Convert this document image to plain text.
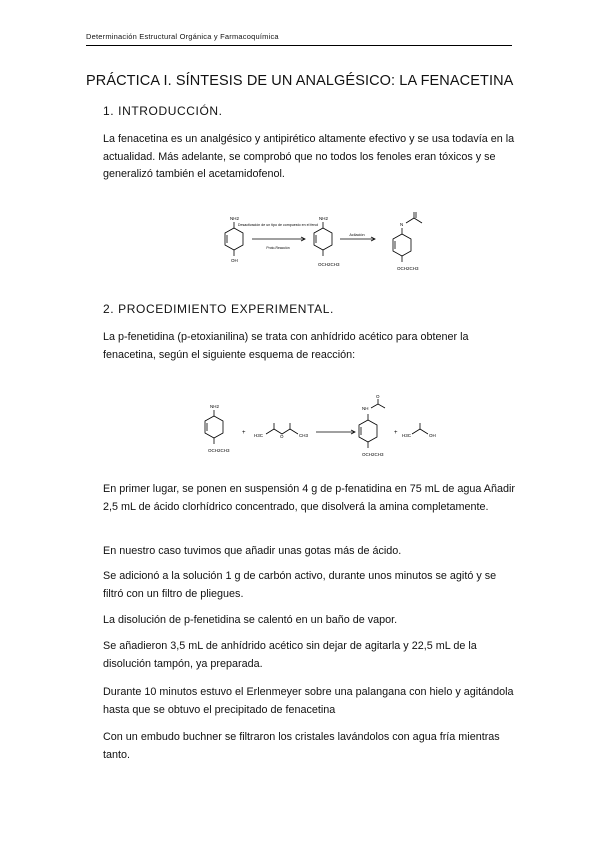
Determinación Estructural Orgánica y Farmacoquímica
PRÁCTICA I. SÍNTESIS DE UN ANALGÉSICO: LA FENACETINA
1. INTRODUCCIÓN.
La fenacetina es un analgésico y antipirético altamente efectivo y se usa todavía en la actualidad. Más adelante, se comprobó que no todos los fenoles eran tóxicos y se generalizó también el acetamidofenol.
NH2
OH
Desactivación de un tipo de compuesto en el fenol
Proto-Reacción
NH2
OCH2CH3
Acilación
N
OCH2CH3
2. PROCEDIMIENTO EXPERIMENTAL.
La p-fenetidina (p-etoxianilina) se trata con anhídrido acético para obtener la fenacetina, según el siguiente esquema de reacción:
NH2
OCH2CH3
+ H3C	O	CH3
NH
O
OCH2CH3
+ H3C	OH
En primer lugar, se ponen en suspensión 4 g de p-fenatidina en 75 mL de agua Añadir 2,5 mL de ácido clorhídrico concentrado, que disolverá la amina completamente.
En nuestro caso tuvimos que añadir unas gotas más de ácido.
Se adicionó a la solución 1 g de carbón activo, durante unos minutos se agitó y se filtró con un filtro de pliegues.
La disolución de p-fenetidina se calentó en un baño de vapor.
Se añadieron 3,5 mL de anhídrido acético sin dejar de agitarla y 22,5 mL de la disolución tampón, ya preparada.
Durante 10 minutos estuvo el Erlenmeyer sobre una palangana con hielo y agitándola hasta que se obtuvo el precipitado de fenacetina
Con un embudo buchner se filtraron los cristales lavándolos con agua fría mientras tanto.
